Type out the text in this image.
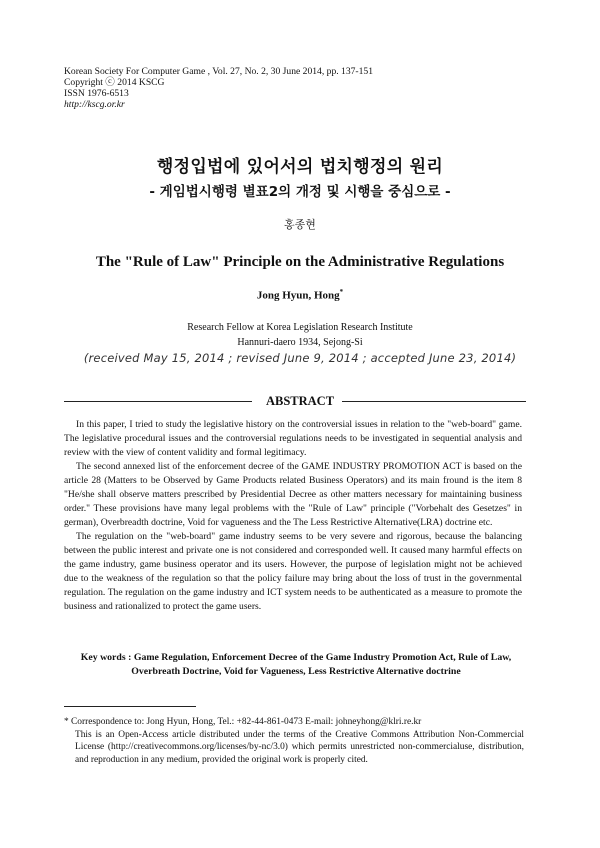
Korean Society For Computer Game , Vol. 27, No. 2, 30 June 2014, pp. 137-151
Copyright ⓒ 2014 KSCG
ISSN 1976-6513
http://kscg.or.kr
행정입법에 있어서의 법치행정의 원리
- 게임법시행령 별표2의 개정 및 시행을 중심으로 -
홍종현
The "Rule of Law" Principle on the Administrative Regulations
Jong Hyun, Hong*
Research Fellow at Korea Legislation Research Institute
Hannuri-daero 1934, Sejong-Si
(received May 15, 2014 ; revised June 9, 2014 ; accepted June 23, 2014)
ABSTRACT

In this paper, I tried to study the legislative history on the controversial issues in relation to the "web-board" game. The legislative procedural issues and the controversial regulations needs to be investigated in sequential analysis and review with the view of content validity and formal legitimacy.

The second annexed list of the enforcement decree of the GAME INDUSTRY PROMOTION ACT is based on the article 28 (Matters to be Observed by Game Products related Business Operators) and its main fround is the item 8 "He/she shall observe matters prescribed by Presidential Decree as other matters necessary for maintaining business order." These provisions have many legal problems with the "Rule of Law" principle ("Vorbehalt des Gesetzes" in german), Overbreadth doctrine, Void for vagueness and the The Less Restrictive Alternative(LRA) doctrine etc.

The regulation on the "web-board" game industry seems to be very severe and rigorous, because the balancing between the public interest and private one is not considered and corresponded well. It caused many harmful effects on the game industry, game business operator and its users. However, the purpose of legislation might not be achieved due to the weakness of the regulation so that the policy failure may bring about the loss of trust in the governmental regulation. The regulation on the game industry and ICT system needs to be authenticated as a measure to promote the business and rationalized to protect the game users.

Key words : Game Regulation, Enforcement Decree of the Game Industry Promotion Act, Rule of Law, Overbreath Doctrine, Void for Vagueness, Less Restrictive Alternative doctrine

* Correspondence to: Jong Hyun, Hong, Tel.: +82-44-861-0473 E-mail: johneyhong@klri.re.kr

This is an Open-Access article distributed under the terms of the Creative Commons Attribution Non-Commercial License (http://creativecommons.org/licenses/by-nc/3.0) which permits unrestricted non-commercialuse, distribution, and reproduction in any medium, provided the original work is properly cited.
